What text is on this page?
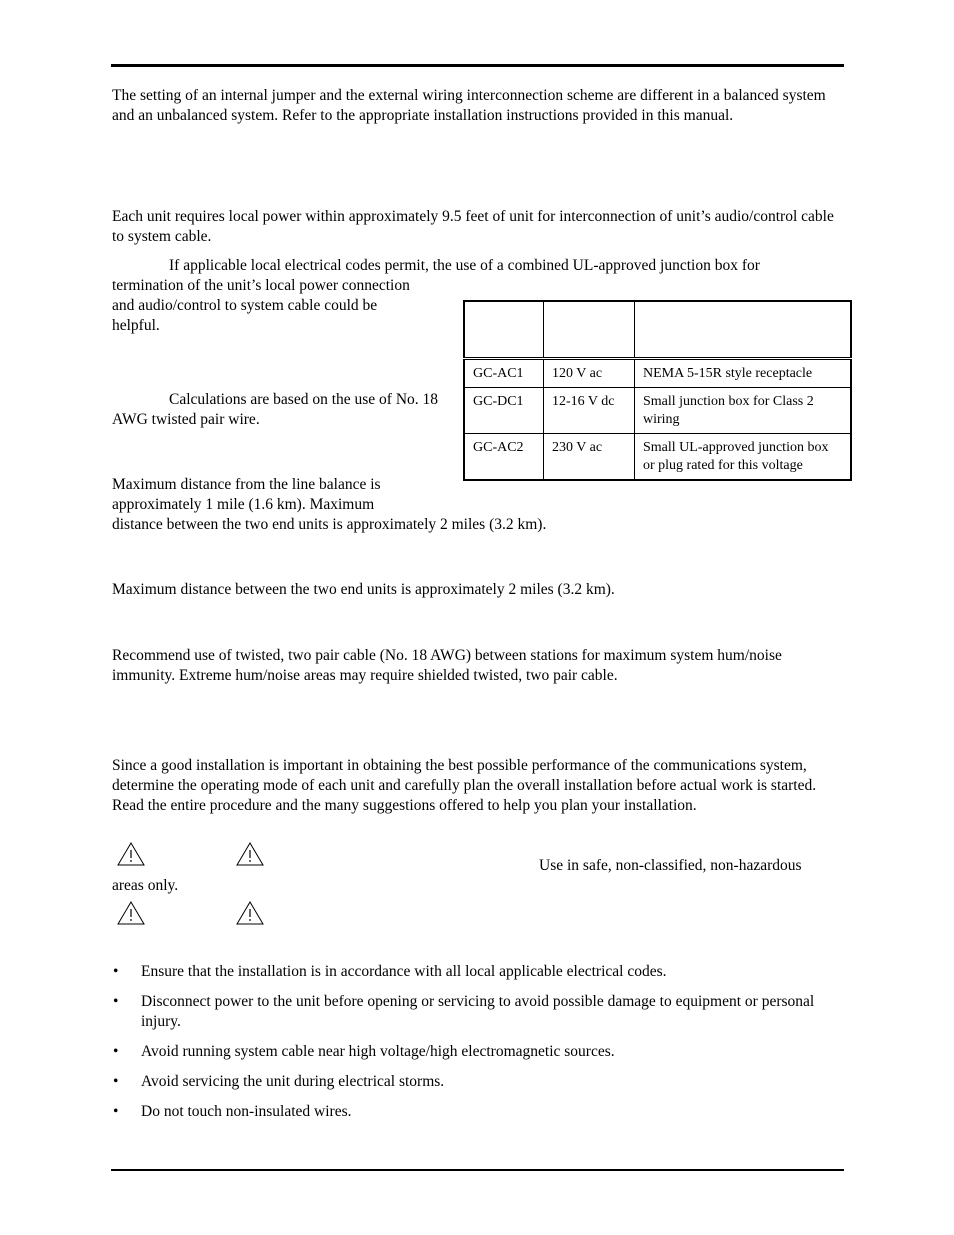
The setting of an internal jumper and the external wiring interconnection scheme are different in a balanced system and an unbalanced system. Refer to the appropriate installation instructions provided in this manual.

Each unit requires local power within approximately 9.5 feet of unit for interconnection of unit’s audio/control cable to system cable.

If applicable local electrical codes permit, the use of a combined UL-approved junction box for

termination of the unit’s local power connection

and audio/control to system cable could be helpful.

GC-AC1	120 V ac	NEMA 5-15R style receptacle
GC-DC1	12-16 V dc	Small junction box for Class 2 wiring
GC-AC2	230 V ac	Small UL-approved junction box or plug rated for this voltage

Calculations are based on the use of No. 18 AWG twisted pair wire.

Maximum distance from the line balance is approximately 1 mile (1.6 km). Maximum

distance between the two end units is approximately 2 miles (3.2 km).

Maximum distance between the two end units is approximately 2 miles (3.2 km).

Recommend use of twisted, two pair cable (No. 18 AWG) between stations for maximum system hum/noise immunity. Extreme hum/noise areas may require shielded twisted, two pair cable.

Since a good installation is important in obtaining the best possible performance of the communications system, determine the operating mode of each unit and carefully plan the overall installation before actual work is started. Read the entire procedure and the many suggestions offered to help you plan your installation.

Use in safe, non-classified, non-hazardous

areas only.

• Ensure that the installation is in accordance with all local applicable electrical codes.
• Disconnect power to the unit before opening or servicing to avoid possible damage to equipment or personal injury.
• Avoid running system cable near high voltage/high electromagnetic sources.
• Avoid servicing the unit during electrical storms.
• Do not touch non-insulated wires.
